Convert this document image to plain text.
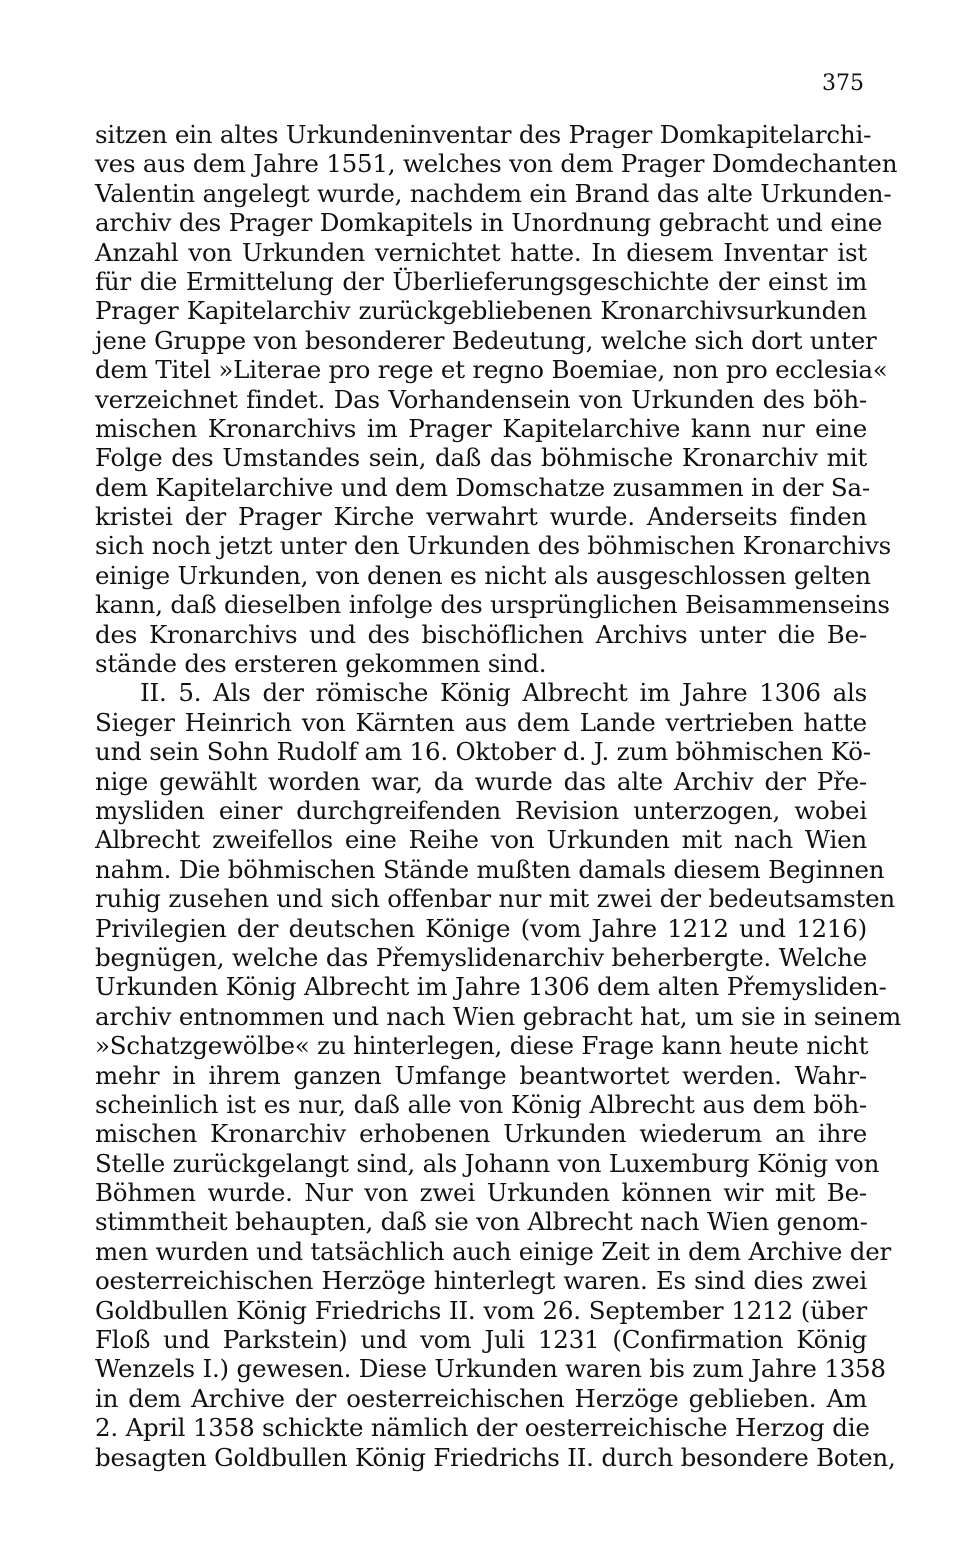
375

sitzen ein altes Urkundeninventar des Prager Domkapitelarchi-
ves aus dem Jahre 1551, welches von dem Prager Domdechanten
Valentin angelegt wurde, nachdem ein Brand das alte Urkunden-
archiv des Prager Domkapitels in Unordnung gebracht und eine
Anzahl von Urkunden vernichtet hatte. In diesem Inventar ist
für die Ermittelung der Überlieferungsgeschichte der einst im
Prager Kapitelarchiv zurückgebliebenen Kronarchivsurkunden
jene Gruppe von besonderer Bedeutung, welche sich dort unter
dem Titel »Literae pro rege et regno Boemiae, non pro ecclesia«
verzeichnet findet. Das Vorhandensein von Urkunden des böh-
mischen Kronarchivs im Prager Kapitelarchive kann nur eine
Folge des Umstandes sein, daß das böhmische Kronarchiv mit
dem Kapitelarchive und dem Domschatze zusammen in der Sa-
kristei der Prager Kirche verwahrt wurde. Anderseits finden
sich noch jetzt unter den Urkunden des böhmischen Kronarchivs
einige Urkunden, von denen es nicht als ausgeschlossen gelten
kann, daß dieselben infolge des ursprünglichen Beisammenseins
des Kronarchivs und des bischöflichen Archivs unter die Be-
stände des ersteren gekommen sind.

II. 5. Als der römische König Albrecht im Jahre 1306 als
Sieger Heinrich von Kärnten aus dem Lande vertrieben hatte
und sein Sohn Rudolf am 16. Oktober d. J. zum böhmischen Kö-
nige gewählt worden war, da wurde das alte Archiv der Pře-
mysliden einer durchgreifenden Revision unterzogen, wobei
Albrecht zweifellos eine Reihe von Urkunden mit nach Wien
nahm. Die böhmischen Stände mußten damals diesem Beginnen
ruhig zusehen und sich offenbar nur mit zwei der bedeutsamsten
Privilegien der deutschen Könige (vom Jahre 1212 und 1216)
begnügen, welche das Přemyslidenarchiv beherbergte. Welche
Urkunden König Albrecht im Jahre 1306 dem alten Přemysliden-
archiv entnommen und nach Wien gebracht hat, um sie in seinem
»Schatzgewölbe« zu hinterlegen, diese Frage kann heute nicht
mehr in ihrem ganzen Umfange beantwortet werden. Wahr-
scheinlich ist es nur, daß alle von König Albrecht aus dem böh-
mischen Kronarchiv erhobenen Urkunden wiederum an ihre
Stelle zurückgelangt sind, als Johann von Luxemburg König von
Böhmen wurde. Nur von zwei Urkunden können wir mit Be-
stimmtheit behaupten, daß sie von Albrecht nach Wien genom-
men wurden und tatsächlich auch einige Zeit in dem Archive der
oesterreichischen Herzöge hinterlegt waren. Es sind dies zwei
Goldbullen König Friedrichs II. vom 26. September 1212 (über
Floß und Parkstein) und vom Juli 1231 (Confirmation König
Wenzels I.) gewesen. Diese Urkunden waren bis zum Jahre 1358
in dem Archive der oesterreichischen Herzöge geblieben. Am
2. April 1358 schickte nämlich der oesterreichische Herzog die
besagten Goldbullen König Friedrichs II. durch besondere Boten,
